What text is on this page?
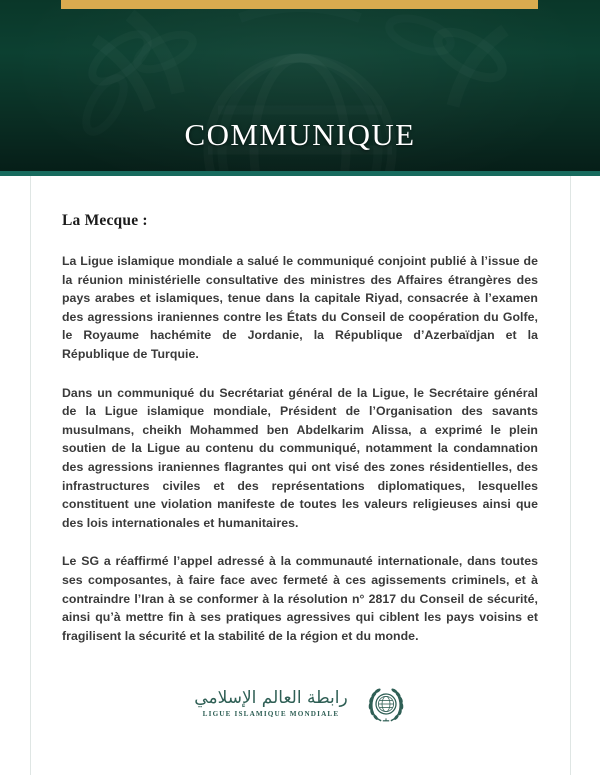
COMMUNIQUE

La Mecque :

La Ligue islamique mondiale a salué le communiqué conjoint publié à l’issue de la réunion ministérielle consultative des ministres des Affaires étrangères des pays arabes et islamiques, tenue dans la capitale Riyad, consacrée à l’examen des agressions iraniennes contre les États du Conseil de coopération du Golfe, le Royaume hachémite de Jordanie, la République d’Azerbaïdjan et la République de Turquie.

Dans un communiqué du Secrétariat général de la Ligue, le Secrétaire général de la Ligue islamique mondiale, Président de l’Organisation des savants musulmans, cheikh Mohammed ben Abdelkarim Alissa, a exprimé le plein soutien de la Ligue au contenu du communiqué, notamment la condamnation des agressions iraniennes flagrantes qui ont visé des zones résidentielles, des infrastructures civiles et des représentations diplomatiques, lesquelles constituent une violation manifeste de toutes les valeurs religieuses ainsi que des lois internationales et humanitaires.

Le SG a réaffirmé l’appel adressé à la communauté internationale, dans toutes ses composantes, à faire face avec fermeté à ces agissements criminels, et à contraindre l’Iran à se conformer à la résolution n° 2817 du Conseil de sécurité, ainsi qu’à mettre fin à ses pratiques agressives qui ciblent les pays voisins et fragilisent la sécurité et la stabilité de la région et du monde.

رابطة العالم الإسلامي
LIGUE ISLAMIQUE MONDIALE
